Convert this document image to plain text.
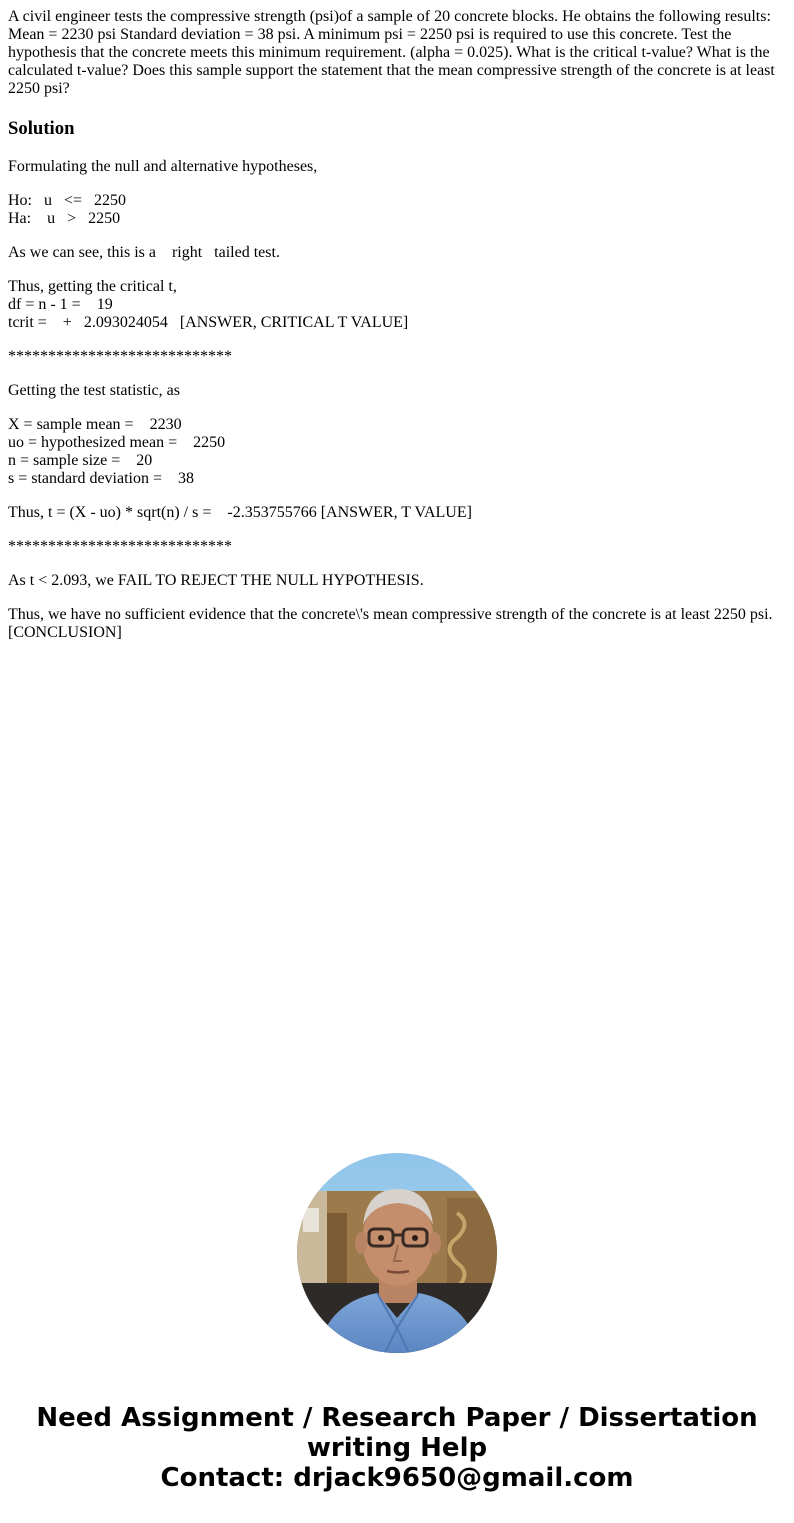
A civil engineer tests the compressive strength (psi)of a sample of 20 concrete blocks. He obtains the following results: Mean = 2230 psi Standard deviation = 38 psi. A minimum psi = 2250 psi is required to use this concrete. Test the hypothesis that the concrete meets this minimum requirement. (alpha = 0.025). What is the critical t-value? What is the calculated t-value? Does this sample support the statement that the mean compressive strength of the concrete is at least 2250 psi?
Solution

Formulating the null and alternative hypotheses,

Ho:   u   <=   2250
Ha:    u   >   2250

As we can see, this is a    right   tailed test.

Thus, getting the critical t,
df = n - 1 =    19
tcrit =    +   2.093024054   [ANSWER, CRITICAL T VALUE]

****************************

Getting the test statistic, as

X = sample mean =    2230
uo = hypothesized mean =    2250
n = sample size =    20
s = standard deviation =    38

Thus, t = (X - uo) * sqrt(n) / s =    -2.353755766 [ANSWER, T VALUE]

****************************

As t < 2.093, we FAIL TO REJECT THE NULL HYPOTHESIS.

Thus, we have no sufficient evidence that the concrete\'s mean compressive strength of the concrete is at least 2250 psi. [CONCLUSION]

Need Assignment / Research Paper / Dissertation
writing Help
Contact: drjack9650@gmail.com
